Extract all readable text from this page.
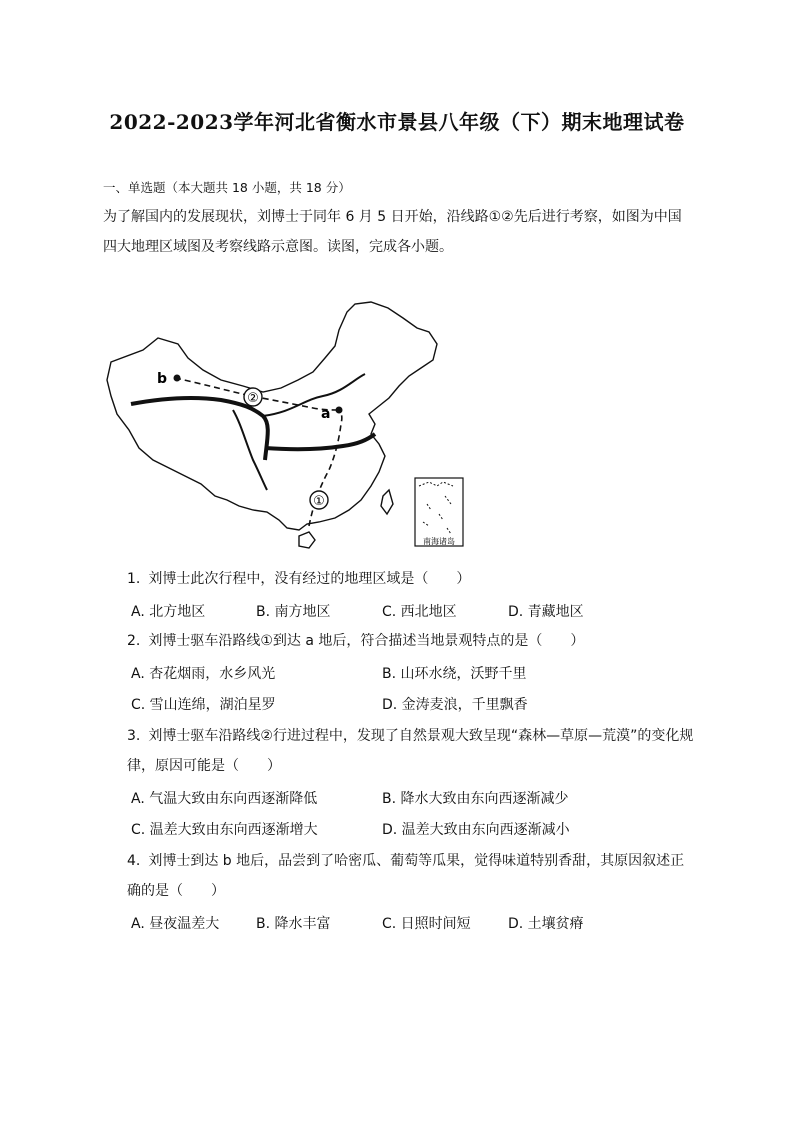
2022-2023学年河北省衡水市景县八年级（下）期末地理试卷
一、单选题（本大题共 18 小题，共 18 分）
为了解国内的发展现状，刘博士于同年 6 月 5 日开始，沿线路①②先后进行考察，如图为中国四大地理区域图及考察线路示意图。读图，完成各小题。
b
a
②
①
南海诸岛
1. 刘博士此次行程中，没有经过的地理区域是（　　）
A. 北方地区	B. 南方地区	C. 西北地区	D. 青藏地区
2. 刘博士驱车沿路线①到达 a 地后，符合描述当地景观特点的是（　　）
A. 杏花烟雨，水乡风光	B. 山环水绕，沃野千里
C. 雪山连绵，湖泊星罗	D. 金涛麦浪，千里飘香
3. 刘博士驱车沿路线②行进过程中，发现了自然景观大致呈现“森林—草原—荒漠”的变化规律，原因可能是（　　）
A. 气温大致由东向西逐渐降低	B. 降水大致由东向西逐渐减少
C. 温差大致由东向西逐渐增大	D. 温差大致由东向西逐渐减小
4. 刘博士到达 b 地后，品尝到了哈密瓜、葡萄等瓜果，觉得味道特别香甜，其原因叙述正确的是（　　）
A. 昼夜温差大	B. 降水丰富	C. 日照时间短	D. 土壤贫瘠
